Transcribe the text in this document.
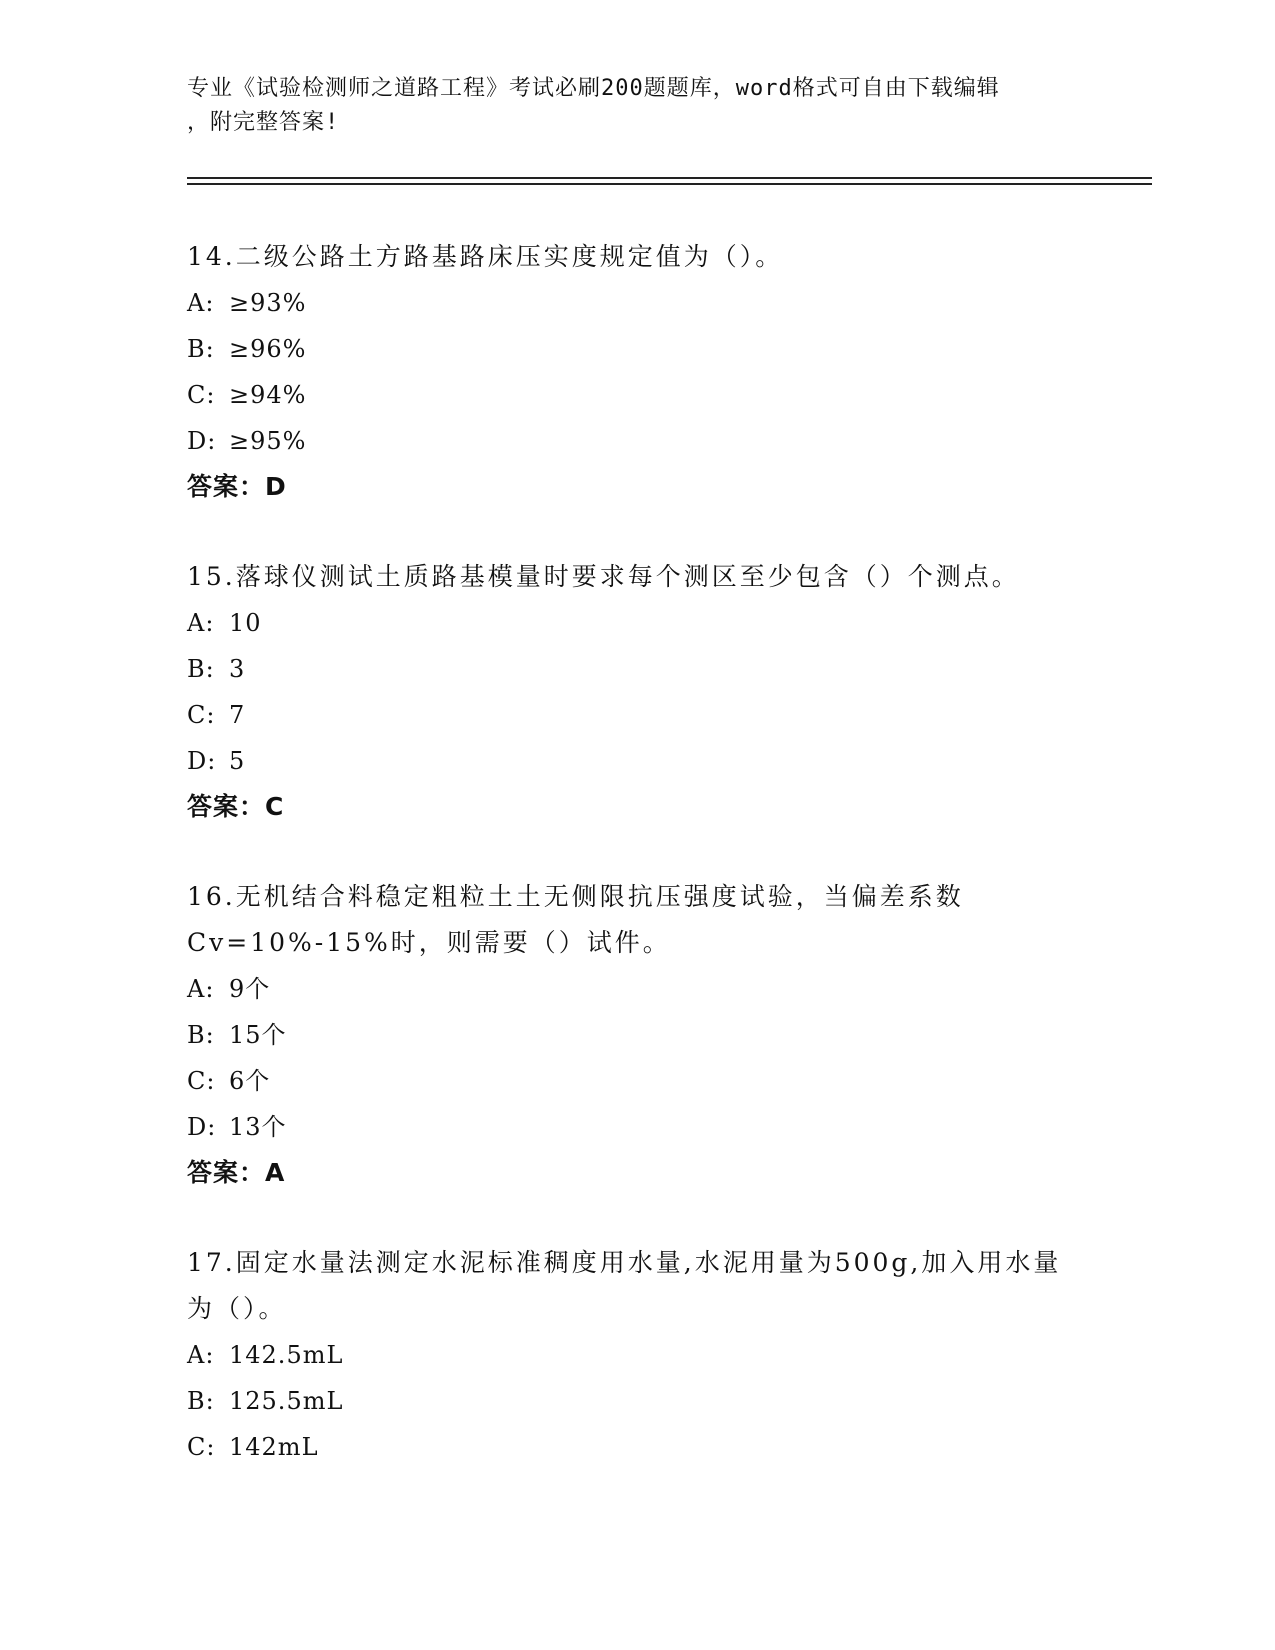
专业《试验检测师之道路工程》考试必刷200题题库，word格式可自由下载编辑
，附完整答案!

14.二级公路土方路基路床压实度规定值为（）。

A: ≥93%
B: ≥96%
C: ≥94%
D: ≥95%
答案：D

15.落球仪测试土质路基模量时要求每个测区至少包含（）个测点。

A: 10
B: 3
C: 7
D: 5
答案：C

16.无机结合料稳定粗粒土土无侧限抗压强度试验，当偏差系数Cv=10%-15%时，则需要（）试件。

A: 9个
B: 15个
C: 6个
D: 13个
答案：A

17.固定水量法测定水泥标准稠度用水量,水泥用量为500g,加入用水量为（）。

A: 142.5mL
B: 125.5mL
C: 142mL
